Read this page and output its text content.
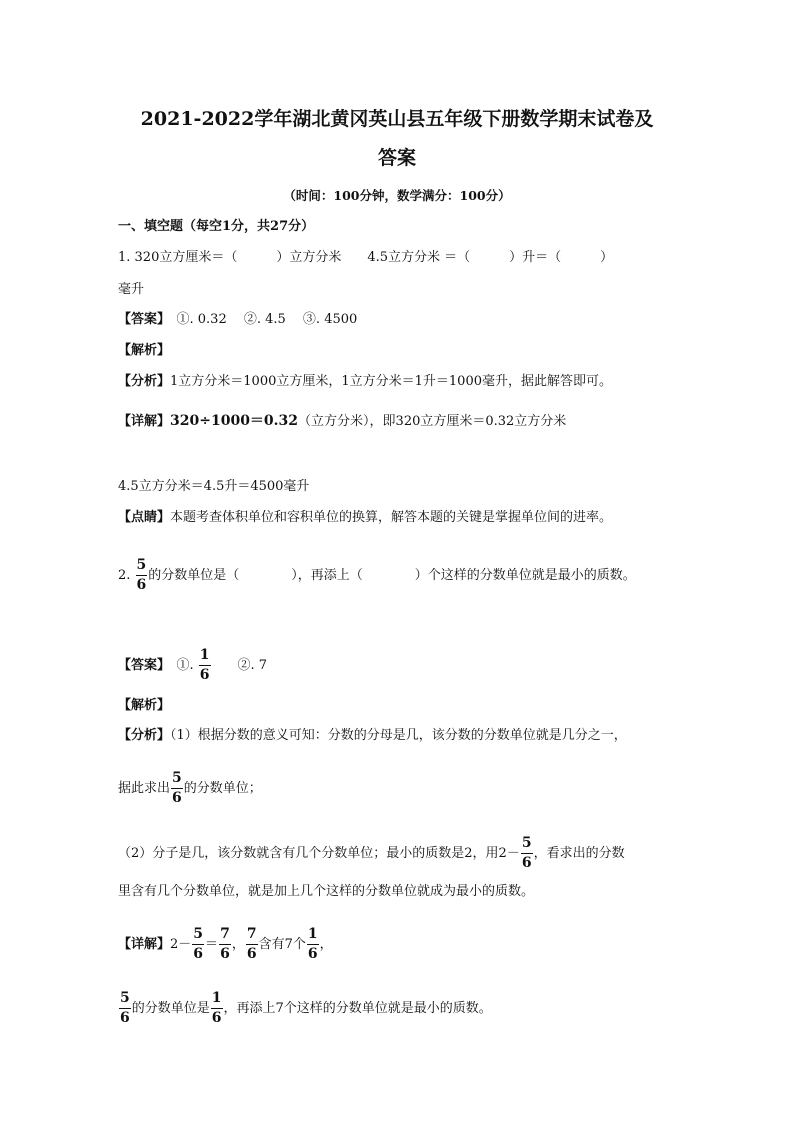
2021-2022学年湖北黄冈英山县五年级下册数学期末试卷及
答案
（时间：100分钟，数学满分：100分）
一、填空题（每空1分，共27分）
1. 320立方厘米＝（　　　）立方分米　　4.5立方分米 ＝（　　　）升＝（　　　）
毫升
【答案】　①. 0.32　 ②. 4.5　 ③. 4500
【解析】
【分析】1立方分米＝1000立方厘米，1立方分米＝1升＝1000毫升，据此解答即可。
【详解】320÷1000＝0.32（立方分米），即320立方厘米＝0.32立方分米
4.5立方分米＝4.5升＝4500毫升
【点睛】本题考查体积单位和容积单位的换算，解答本题的关键是掌握单位间的进率。
2. $\frac{5}{6}$ 的分数单位是（　　　　），再添上（　　　　）个这样的分数单位就是最小的质数。
【答案】　①. $\frac{1}{6}$ 　　②. 7
【解析】
【分析】（1）根据分数的意义可知：分数的分母是几，该分数的分数单位就是几分之一，
据此求出 $\frac{5}{6}$ 的分数单位；
（2）分子是几，该分数就含有几个分数单位；最小的质数是2，用$2- \frac{5}{6}$ ，看求出的分数
里含有几个分数单位，就是加上几个这样的分数单位就成为最小的质数。
【详解】$2- \frac{5}{6} = \frac{7}{6}$ ， $\frac{7}{6}$ 含有7个 $\frac{1}{6}$ ，
$\frac{5}{6}$ 的分数单位是 $\frac{1}{6}$ ，再添上7个这样的分数单位就是最小的质数。
